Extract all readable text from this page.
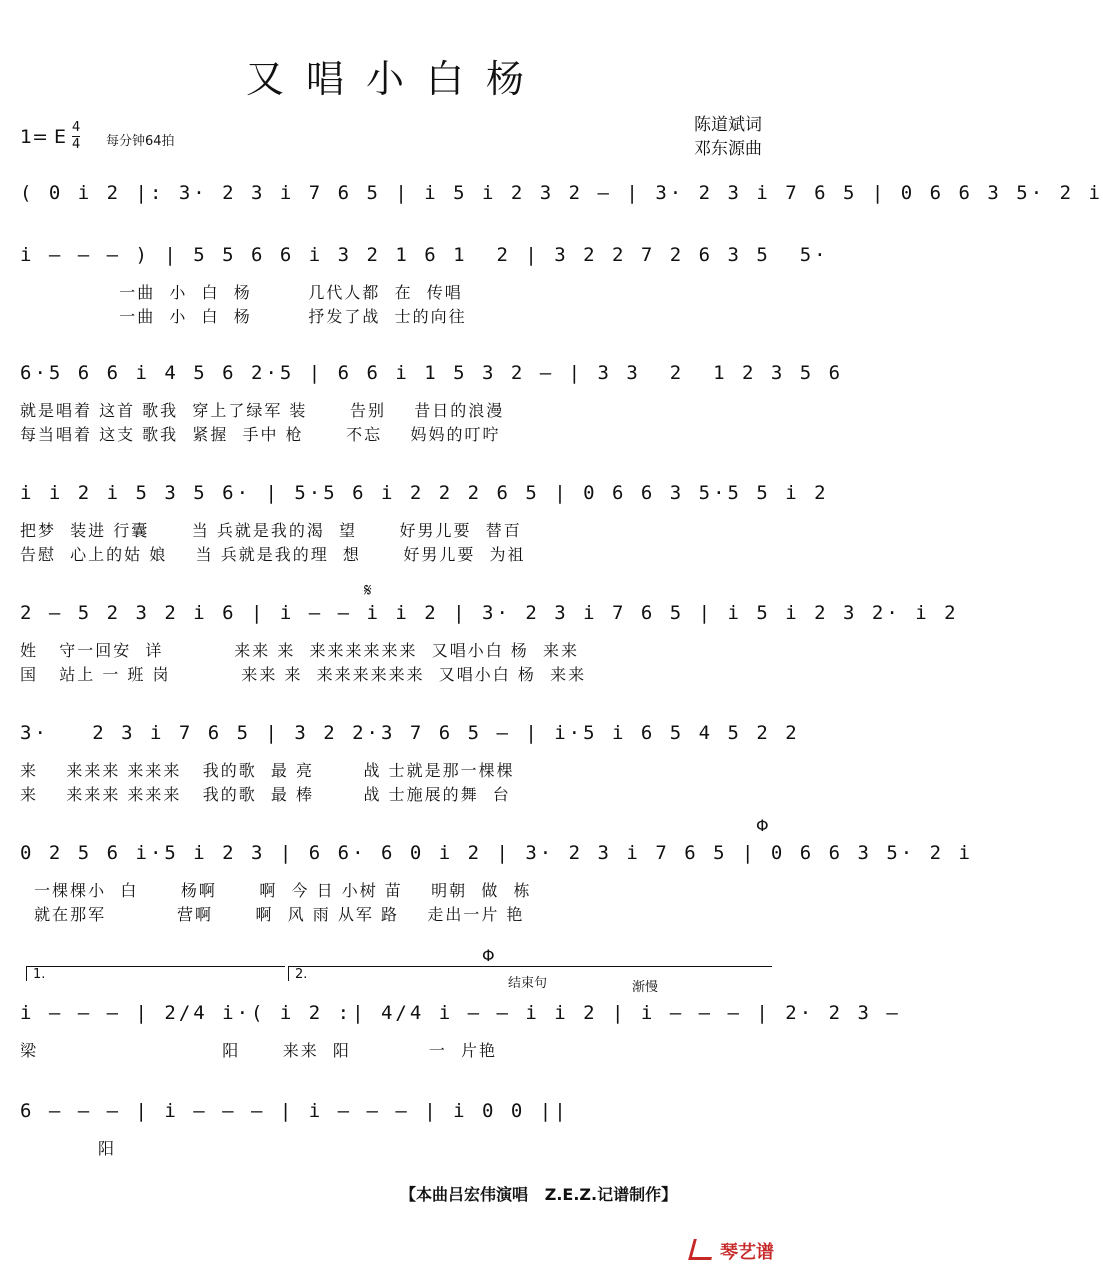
又唱小白杨
陈道斌词
邓东源曲
1= E 4
4 每分钟64拍
( 0 i 2 |: 3· 2 3 i 7 6 5 | i 5 i 2 3 2 — | 3· 2 3 i 7 6 5 | 0 6 6 3 5· 2 i
i — — — ) | 5 5 6 6 i 3 2 1 6 1  2 | 3 2 2 7 2 6 3 5  5·
一曲  小  白  杨        几代人都  在  传唱
一曲  小  白  杨        抒发了战  士的向往
6·5 6 6 i 4 5 6 2·5 | 6 6 i 1 5 3 2 — | 3 3  2  1 2 3 5 6
就是唱着 这首 歌我  穿上了绿军 装      告别    昔日的浪漫
每当唱着 这支 歌我  紧握  手中 枪      不忘    妈妈的叮咛
i i 2 i 5 3 5 6· | 5·5 6 i 2 2 2 6 5 | 0 6 6 3 5·5 5 i 2
把梦  装进 行囊      当 兵就是我的渴  望      好男儿要  替百
告慰  心上的姑 娘    当 兵就是我的理  想      好男儿要  为祖
𝄋
2 — 5 2 3 2 i 6 | i — — i i 2 | 3· 2 3 i 7 6 5 | i 5 i 2 3 2· i 2
姓   守一回安  详          来来 来  来来来来来来  又唱小白 杨  来来
国   站上 一 班 岗          来来 来  来来来来来来  又唱小白 杨  来来
3·   2 3 i 7 6 5 | 3 2 2·3 7 6 5 — | i·5 i 6 5 4 5 2 2
来    来来来 来来来   我的歌  最 亮       战 士就是那一棵棵
来    来来来 来来来   我的歌  最 棒       战 士施展的舞  台
Φ
0 2 5 6 i·5 i 2 3 | 6 6· 6 0 i 2 | 3· 2 3 i 7 6 5 | 0 6 6 3 5· 2 i
一棵棵小  白      杨啊      啊  今 日 小树 苗    明朝  做  栋
就在那军          营啊      啊  风 雨 从军 路    走出一片 艳
1.	2.
Φ
结束句	渐慢
i — — — | 2/4 i·( i 2 :| 4/4 i — — i i 2 | i — — — | 2· 2 3 —
梁                          阳      来来  阳           一  片艳
6 — — — | i — — — | i — — — | i 0 0 ||
阳
【本曲吕宏伟演唱   Z.E.Z.记谱制作】
琴艺谱
